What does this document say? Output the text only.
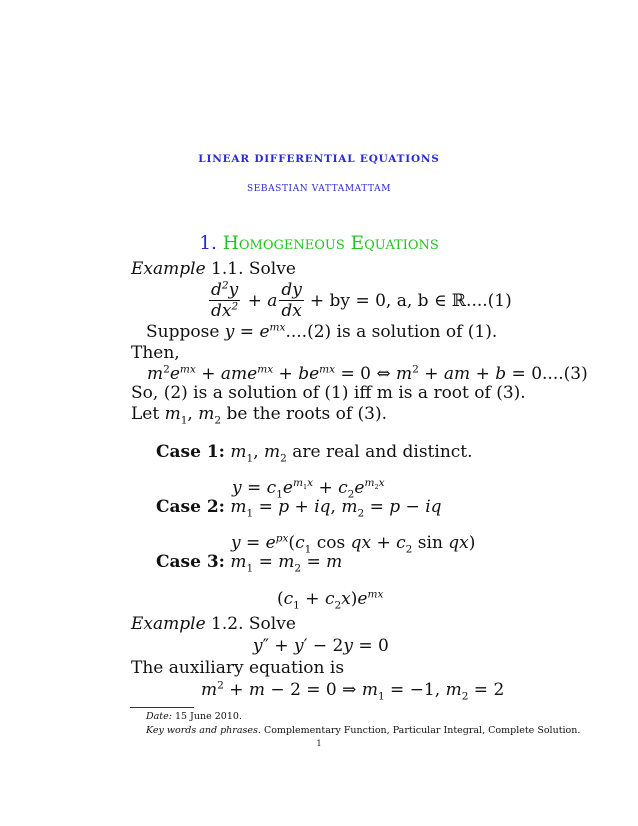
LINEAR DIFFERENTIAL EQUATIONS
SEBASTIAN VATTAMATTAM
1. Homogeneous Equations
Example 1.1. Solve
$\frac{d^2y}{dx^2} + a \frac{dy}{dx}$ + by = 0, a, b ∈ ℝ....(1)
Suppose $y = e^{mx}....(2)$ is a solution of (1).
Then,
$m^2e^{mx} + ame^{mx} + be^{mx} = 0$ ⇔ $m^2$ + am + b = 0....(3)
So, (2) is a solution of (1) iff m is a root of (3).
Let $m_1$, $m_2$ be the roots of (3).
Case 1: $m_1$, $m_2$ are real and distinct.
$y = c_1e^{m_1x} + c_2e^{m_2x}$
Case 2: $m_1 = p$ + iq, $m_2 = p$ − iq
$y = e^{px}(c_1$ cos qx + $c_2$ sin qx)
Case 3: $m_1 = m_2 = m$
$(c_1 + c_2x)e^{mx}$
Example 1.2. Solve
y″ + y′ − 2y = 0
The auxiliary equation is
$m^2 + m - 2 = 0$ ⇒ $m_1 = -1$, $m_2 = 2$
Date: 15 June 2010.
Key words and phrases. Complementary Function, Particular Integral, Complete Solution.
1
